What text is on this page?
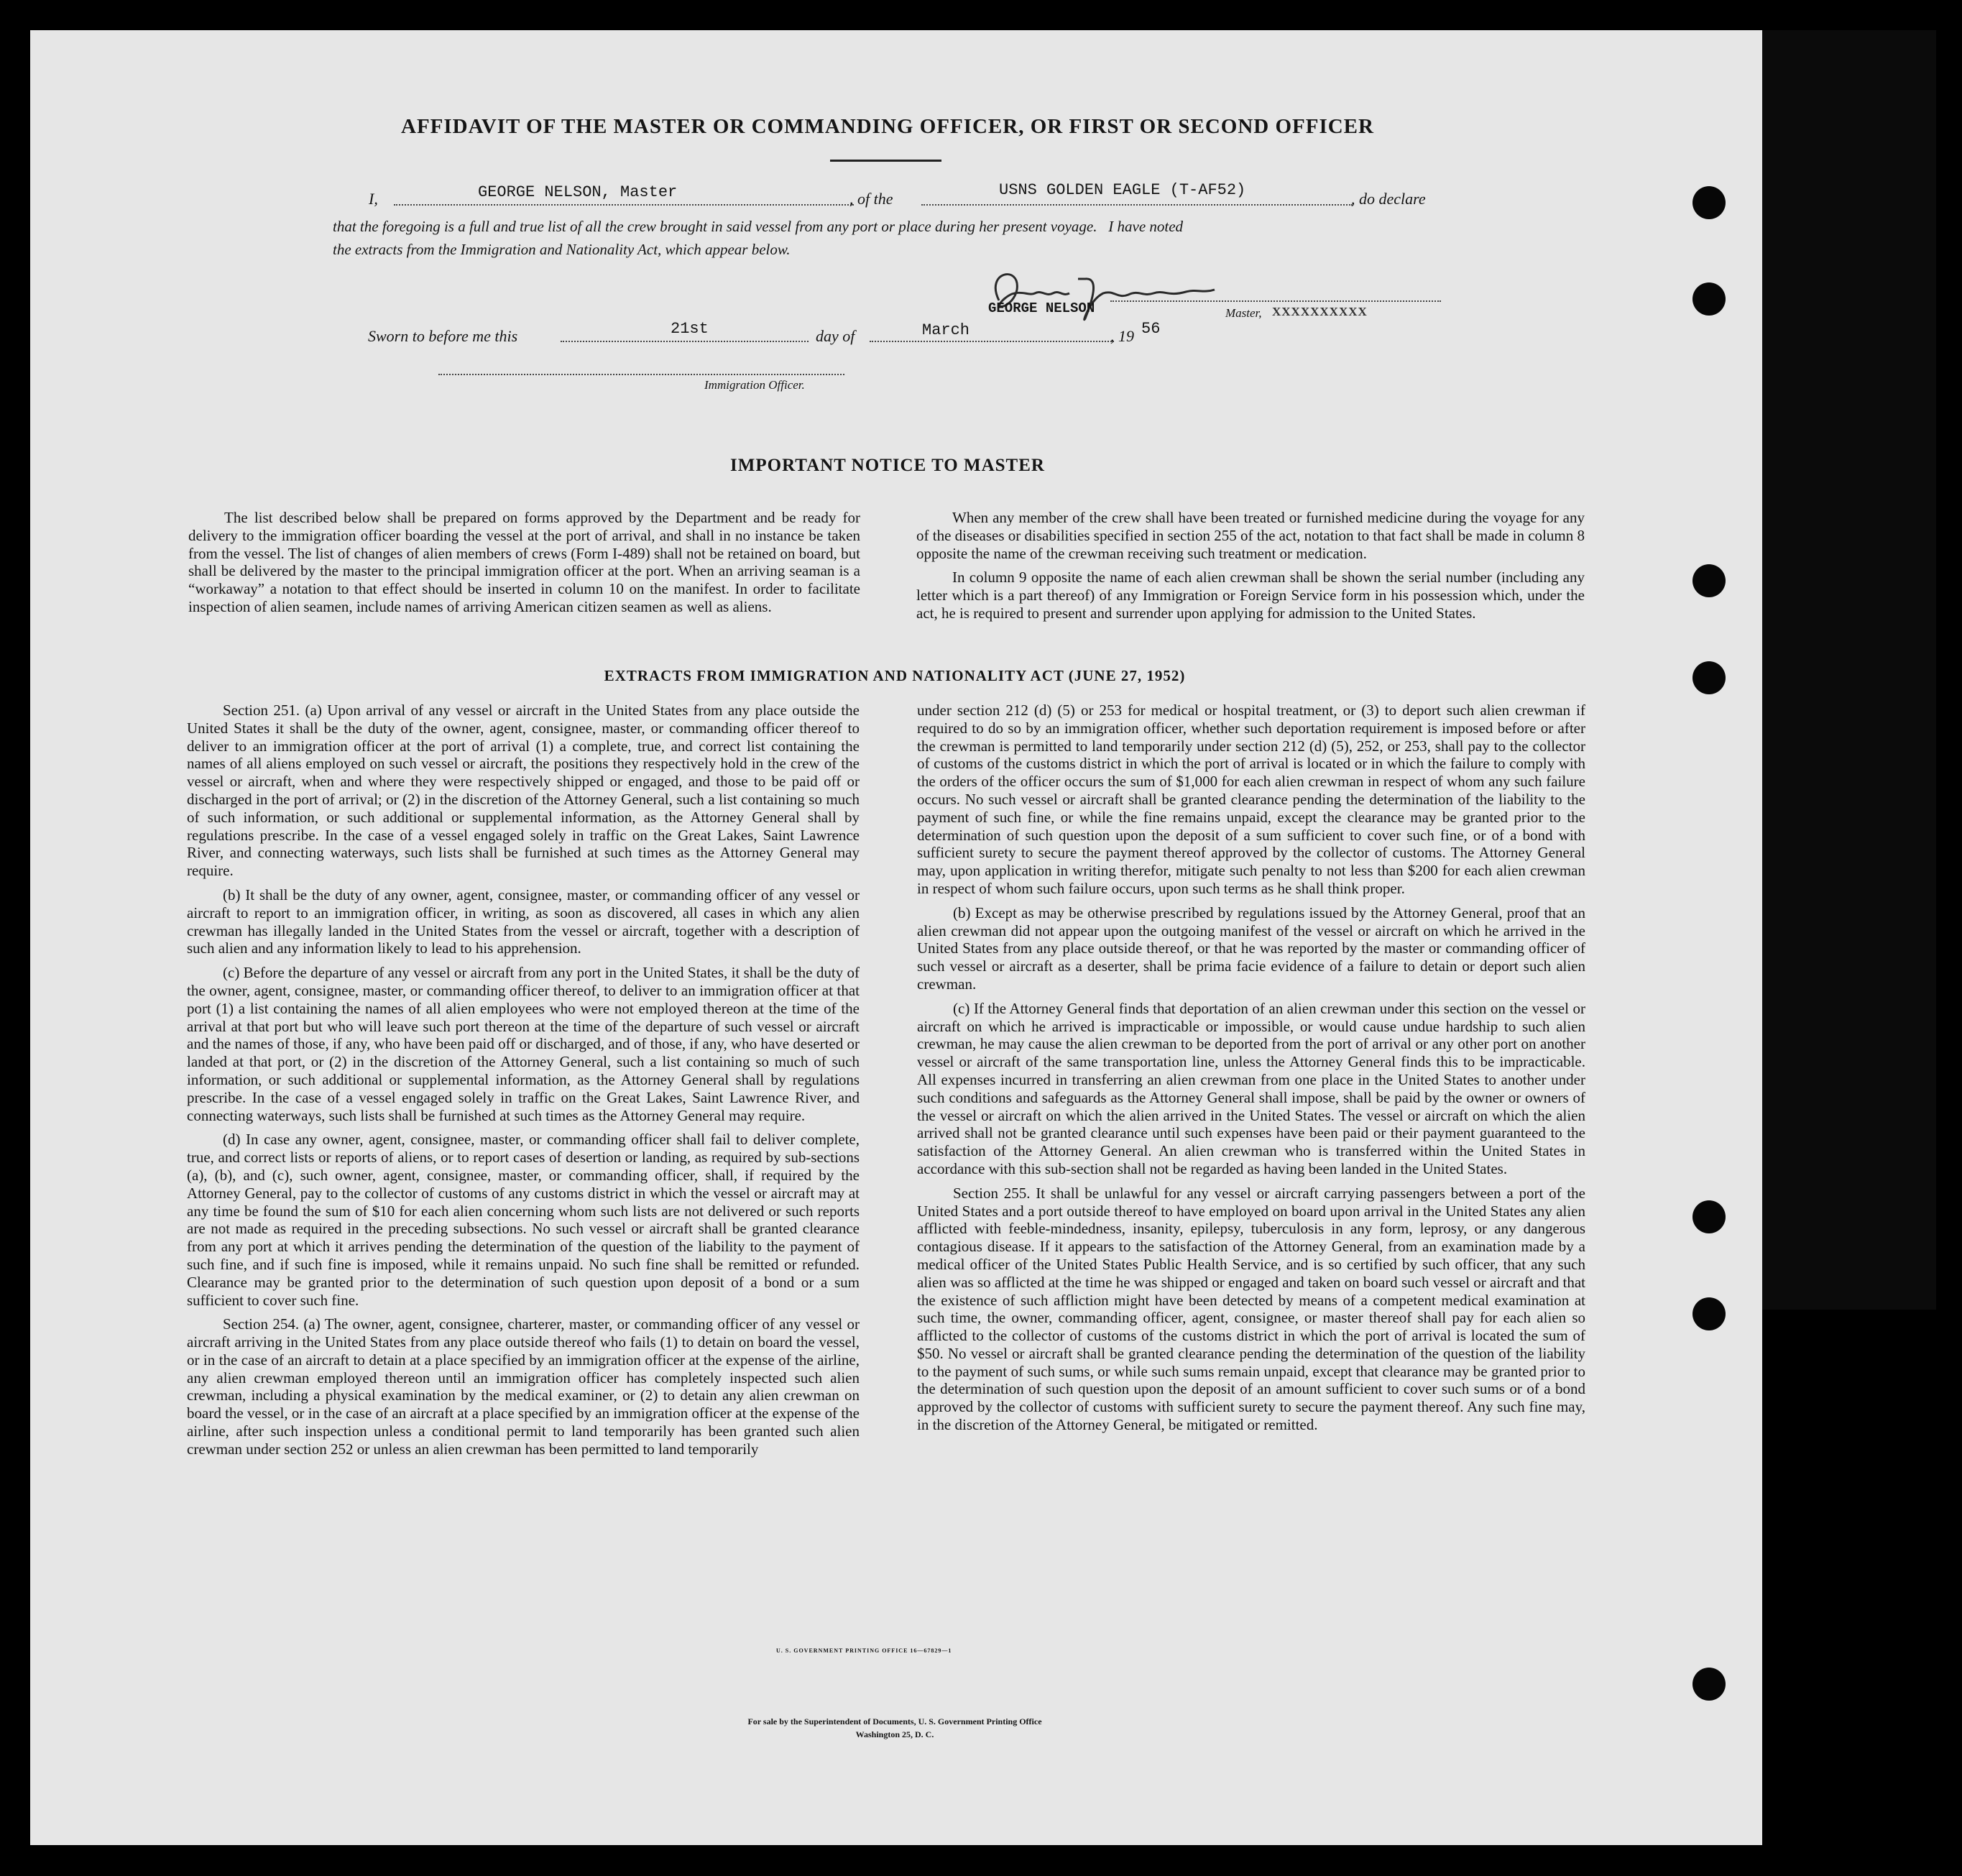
AFFIDAVIT OF THE MASTER OR COMMANDING OFFICER, OR FIRST OR SECOND OFFICER
I,	GEORGE NELSON, Master	, of the	USNS GOLDEN EAGLE (T-AF52)	, do declare
that the foregoing is a full and true list of all the crew brought in said vessel from any port or place during her present voyage.   I have noted
the extracts from the Immigration and Nationality Act, which appear below.
GEORGE NELSON	Master, XXXXXXXXXX
Sworn to before me this	21st	day of	March	, 19 56
Immigration Officer.
IMPORTANT NOTICE TO MASTER

The list described below shall be prepared on forms approved by the Department and be ready for delivery to the immigration officer boarding the vessel at the port of arrival, and shall in no instance be taken from the vessel. The list of changes of alien members of crews (Form I-489) shall not be retained on board, but shall be delivered by the master to the principal immigration officer at the port. When an arriving seaman is a “workaway” a notation to that effect should be inserted in column 10 on the manifest. In order to facilitate inspection of alien seamen, include names of arriving American citizen seamen as well as aliens.

When any member of the crew shall have been treated or furnished medicine during the voyage for any of the diseases or disabilities specified in section 255 of the act, notation to that fact shall be made in column 8 opposite the name of the crewman receiving such treatment or medication.

In column 9 opposite the name of each alien crewman shall be shown the serial number (including any letter which is a part thereof) of any Immigration or Foreign Service form in his possession which, under the act, he is required to present and surrender upon applying for admission to the United States.

EXTRACTS FROM IMMIGRATION AND NATIONALITY ACT (JUNE 27, 1952)

Section 251. (a) Upon arrival of any vessel or aircraft in the United States from any place outside the United States it shall be the duty of the owner, agent, consignee, master, or commanding officer thereof to deliver to an immigration officer at the port of arrival (1) a complete, true, and correct list containing the names of all aliens employed on such vessel or aircraft, the positions they respectively hold in the crew of the vessel or aircraft, when and where they were respectively shipped or engaged, and those to be paid off or discharged in the port of arrival; or (2) in the discretion of the Attorney General, such a list containing so much of such information, or such additional or supplemental information, as the Attorney General shall by regulations prescribe. In the case of a vessel engaged solely in traffic on the Great Lakes, Saint Lawrence River, and connecting waterways, such lists shall be furnished at such times as the Attorney General may require.

(b) It shall be the duty of any owner, agent, consignee, master, or commanding officer of any vessel or aircraft to report to an immigration officer, in writing, as soon as discovered, all cases in which any alien crewman has illegally landed in the United States from the vessel or aircraft, together with a description of such alien and any information likely to lead to his apprehension.

(c) Before the departure of any vessel or aircraft from any port in the United States, it shall be the duty of the owner, agent, consignee, master, or commanding officer thereof, to deliver to an immigration officer at that port (1) a list containing the names of all alien employees who were not employed thereon at the time of the arrival at that port but who will leave such port thereon at the time of the departure of such vessel or aircraft and the names of those, if any, who have been paid off or discharged, and of those, if any, who have deserted or landed at that port, or (2) in the discretion of the Attorney General, such a list containing so much of such information, or such additional or supplemental information, as the Attorney General shall by regulations prescribe. In the case of a vessel engaged solely in traffic on the Great Lakes, Saint Lawrence River, and connecting waterways, such lists shall be furnished at such times as the Attorney General may require.

(d) In case any owner, agent, consignee, master, or commanding officer shall fail to deliver complete, true, and correct lists or reports of aliens, or to report cases of desertion or landing, as required by sub-sections (a), (b), and (c), such owner, agent, consignee, master, or commanding officer, shall, if required by the Attorney General, pay to the collector of customs of any customs district in which the vessel or aircraft may at any time be found the sum of $10 for each alien concerning whom such lists are not delivered or such reports are not made as required in the preceding subsections. No such vessel or aircraft shall be granted clearance from any port at which it arrives pending the determination of the question of the liability to the payment of such fine, and if such fine is imposed, while it remains unpaid. No such fine shall be remitted or refunded. Clearance may be granted prior to the determination of such question upon deposit of a bond or a sum sufficient to cover such fine.

Section 254. (a) The owner, agent, consignee, charterer, master, or commanding officer of any vessel or aircraft arriving in the United States from any place outside thereof who fails (1) to detain on board the vessel, or in the case of an aircraft to detain at a place specified by an immigration officer at the expense of the airline, any alien crewman employed thereon until an immigration officer has completely inspected such alien crewman, including a physical examination by the medical examiner, or (2) to detain any alien crewman on board the vessel, or in the case of an aircraft at a place specified by an immigration officer at the expense of the airline, after such inspection unless a conditional permit to land temporarily has been granted such alien crewman under section 252 or unless an alien crewman has been permitted to land temporarily

under section 212 (d) (5) or 253 for medical or hospital treatment, or (3) to deport such alien crewman if required to do so by an immigration officer, whether such deportation requirement is imposed before or after the crewman is permitted to land temporarily under section 212 (d) (5), 252, or 253, shall pay to the collector of customs of the customs district in which the port of arrival is located or in which the failure to comply with the orders of the officer occurs the sum of $1,000 for each alien crewman in respect of whom any such failure occurs. No such vessel or aircraft shall be granted clearance pending the determination of the liability to the payment of such fine, or while the fine remains unpaid, except the clearance may be granted prior to the determination of such question upon the deposit of a sum sufficient to cover such fine, or of a bond with sufficient surety to secure the payment thereof approved by the collector of customs. The Attorney General may, upon application in writing therefor, mitigate such penalty to not less than $200 for each alien crewman in respect of whom such failure occurs, upon such terms as he shall think proper.

(b) Except as may be otherwise prescribed by regulations issued by the Attorney General, proof that an alien crewman did not appear upon the outgoing manifest of the vessel or aircraft on which he arrived in the United States from any place outside thereof, or that he was reported by the master or commanding officer of such vessel or aircraft as a deserter, shall be prima facie evidence of a failure to detain or deport such alien crewman.

(c) If the Attorney General finds that deportation of an alien crewman under this section on the vessel or aircraft on which he arrived is impracticable or impossible, or would cause undue hardship to such alien crewman, he may cause the alien crewman to be deported from the port of arrival or any other port on another vessel or aircraft of the same transportation line, unless the Attorney General finds this to be impracticable. All expenses incurred in transferring an alien crewman from one place in the United States to another under such conditions and safeguards as the Attorney General shall impose, shall be paid by the owner or owners of the vessel or aircraft on which the alien arrived in the United States. The vessel or aircraft on which the alien arrived shall not be granted clearance until such expenses have been paid or their payment guaranteed to the satisfaction of the Attorney General. An alien crewman who is transferred within the United States in accordance with this sub-section shall not be regarded as having been landed in the United States.

Section 255. It shall be unlawful for any vessel or aircraft carrying passengers between a port of the United States and a port outside thereof to have employed on board upon arrival in the United States any alien afflicted with feeble-mindedness, insanity, epilepsy, tuberculosis in any form, leprosy, or any dangerous contagious disease. If it appears to the satisfaction of the Attorney General, from an examination made by a medical officer of the United States Public Health Service, and is so certified by such officer, that any such alien was so afflicted at the time he was shipped or engaged and taken on board such vessel or aircraft and that the existence of such affliction might have been detected by means of a competent medical examination at such time, the owner, commanding officer, agent, consignee, or master thereof shall pay for each alien so afflicted to the collector of customs of the customs district in which the port of arrival is located the sum of $50. No vessel or aircraft shall be granted clearance pending the determination of the question of the liability to the payment of such sums, or while such sums remain unpaid, except that clearance may be granted prior to the determination of such question upon the deposit of an amount sufficient to cover such sums or of a bond approved by the collector of customs with sufficient surety to secure the payment thereof. Any such fine may, in the discretion of the Attorney General, be mitigated or remitted.

U. S. GOVERNMENT PRINTING OFFICE 16—67829—1
For sale by the Superintendent of Documents, U. S. Government Printing Office
Washington 25, D. C.
